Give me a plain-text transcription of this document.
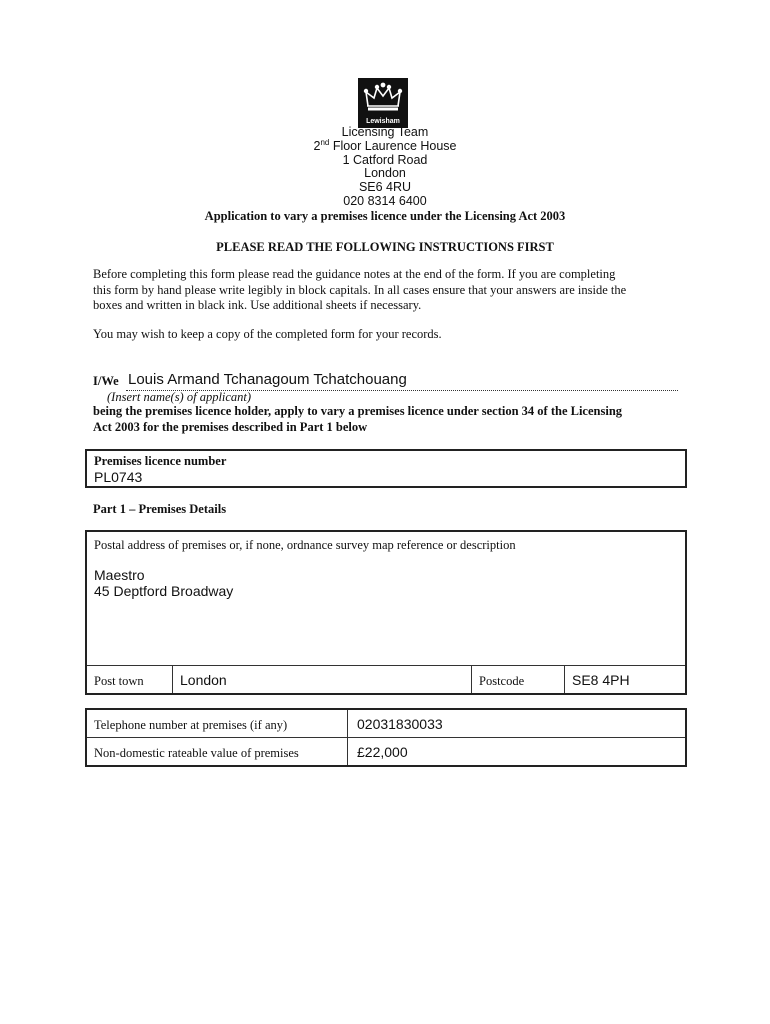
Lewisham
Licensing Team
2nd Floor Laurence House
1 Catford Road
London
SE6 4RU
020 8314 6400
Application to vary a premises licence under the Licensing Act 2003
PLEASE READ THE FOLLOWING INSTRUCTIONS FIRST
Before completing this form please read the guidance notes at the end of the form. If you are completing
this form by hand please write legibly in block capitals. In all cases ensure that your answers are inside the
boxes and written in black ink. Use additional sheets if necessary.
You may wish to keep a copy of the completed form for your records.
I/We Louis Armand Tchanagoum Tchatchouang
(Insert name(s) of applicant)
being the premises licence holder, apply to vary a premises licence under section 34 of the Licensing
Act 2003 for the premises described in Part 1 below
Premises licence number
PL0743
Part 1 – Premises Details
Postal address of premises or, if none, ordnance survey map reference or description
Maestro
45 Deptford Broadway
Post town	London	Postcode	SE8 4PH
Telephone number at premises (if any)	02031830033
Non-domestic rateable value of premises	£22,000
